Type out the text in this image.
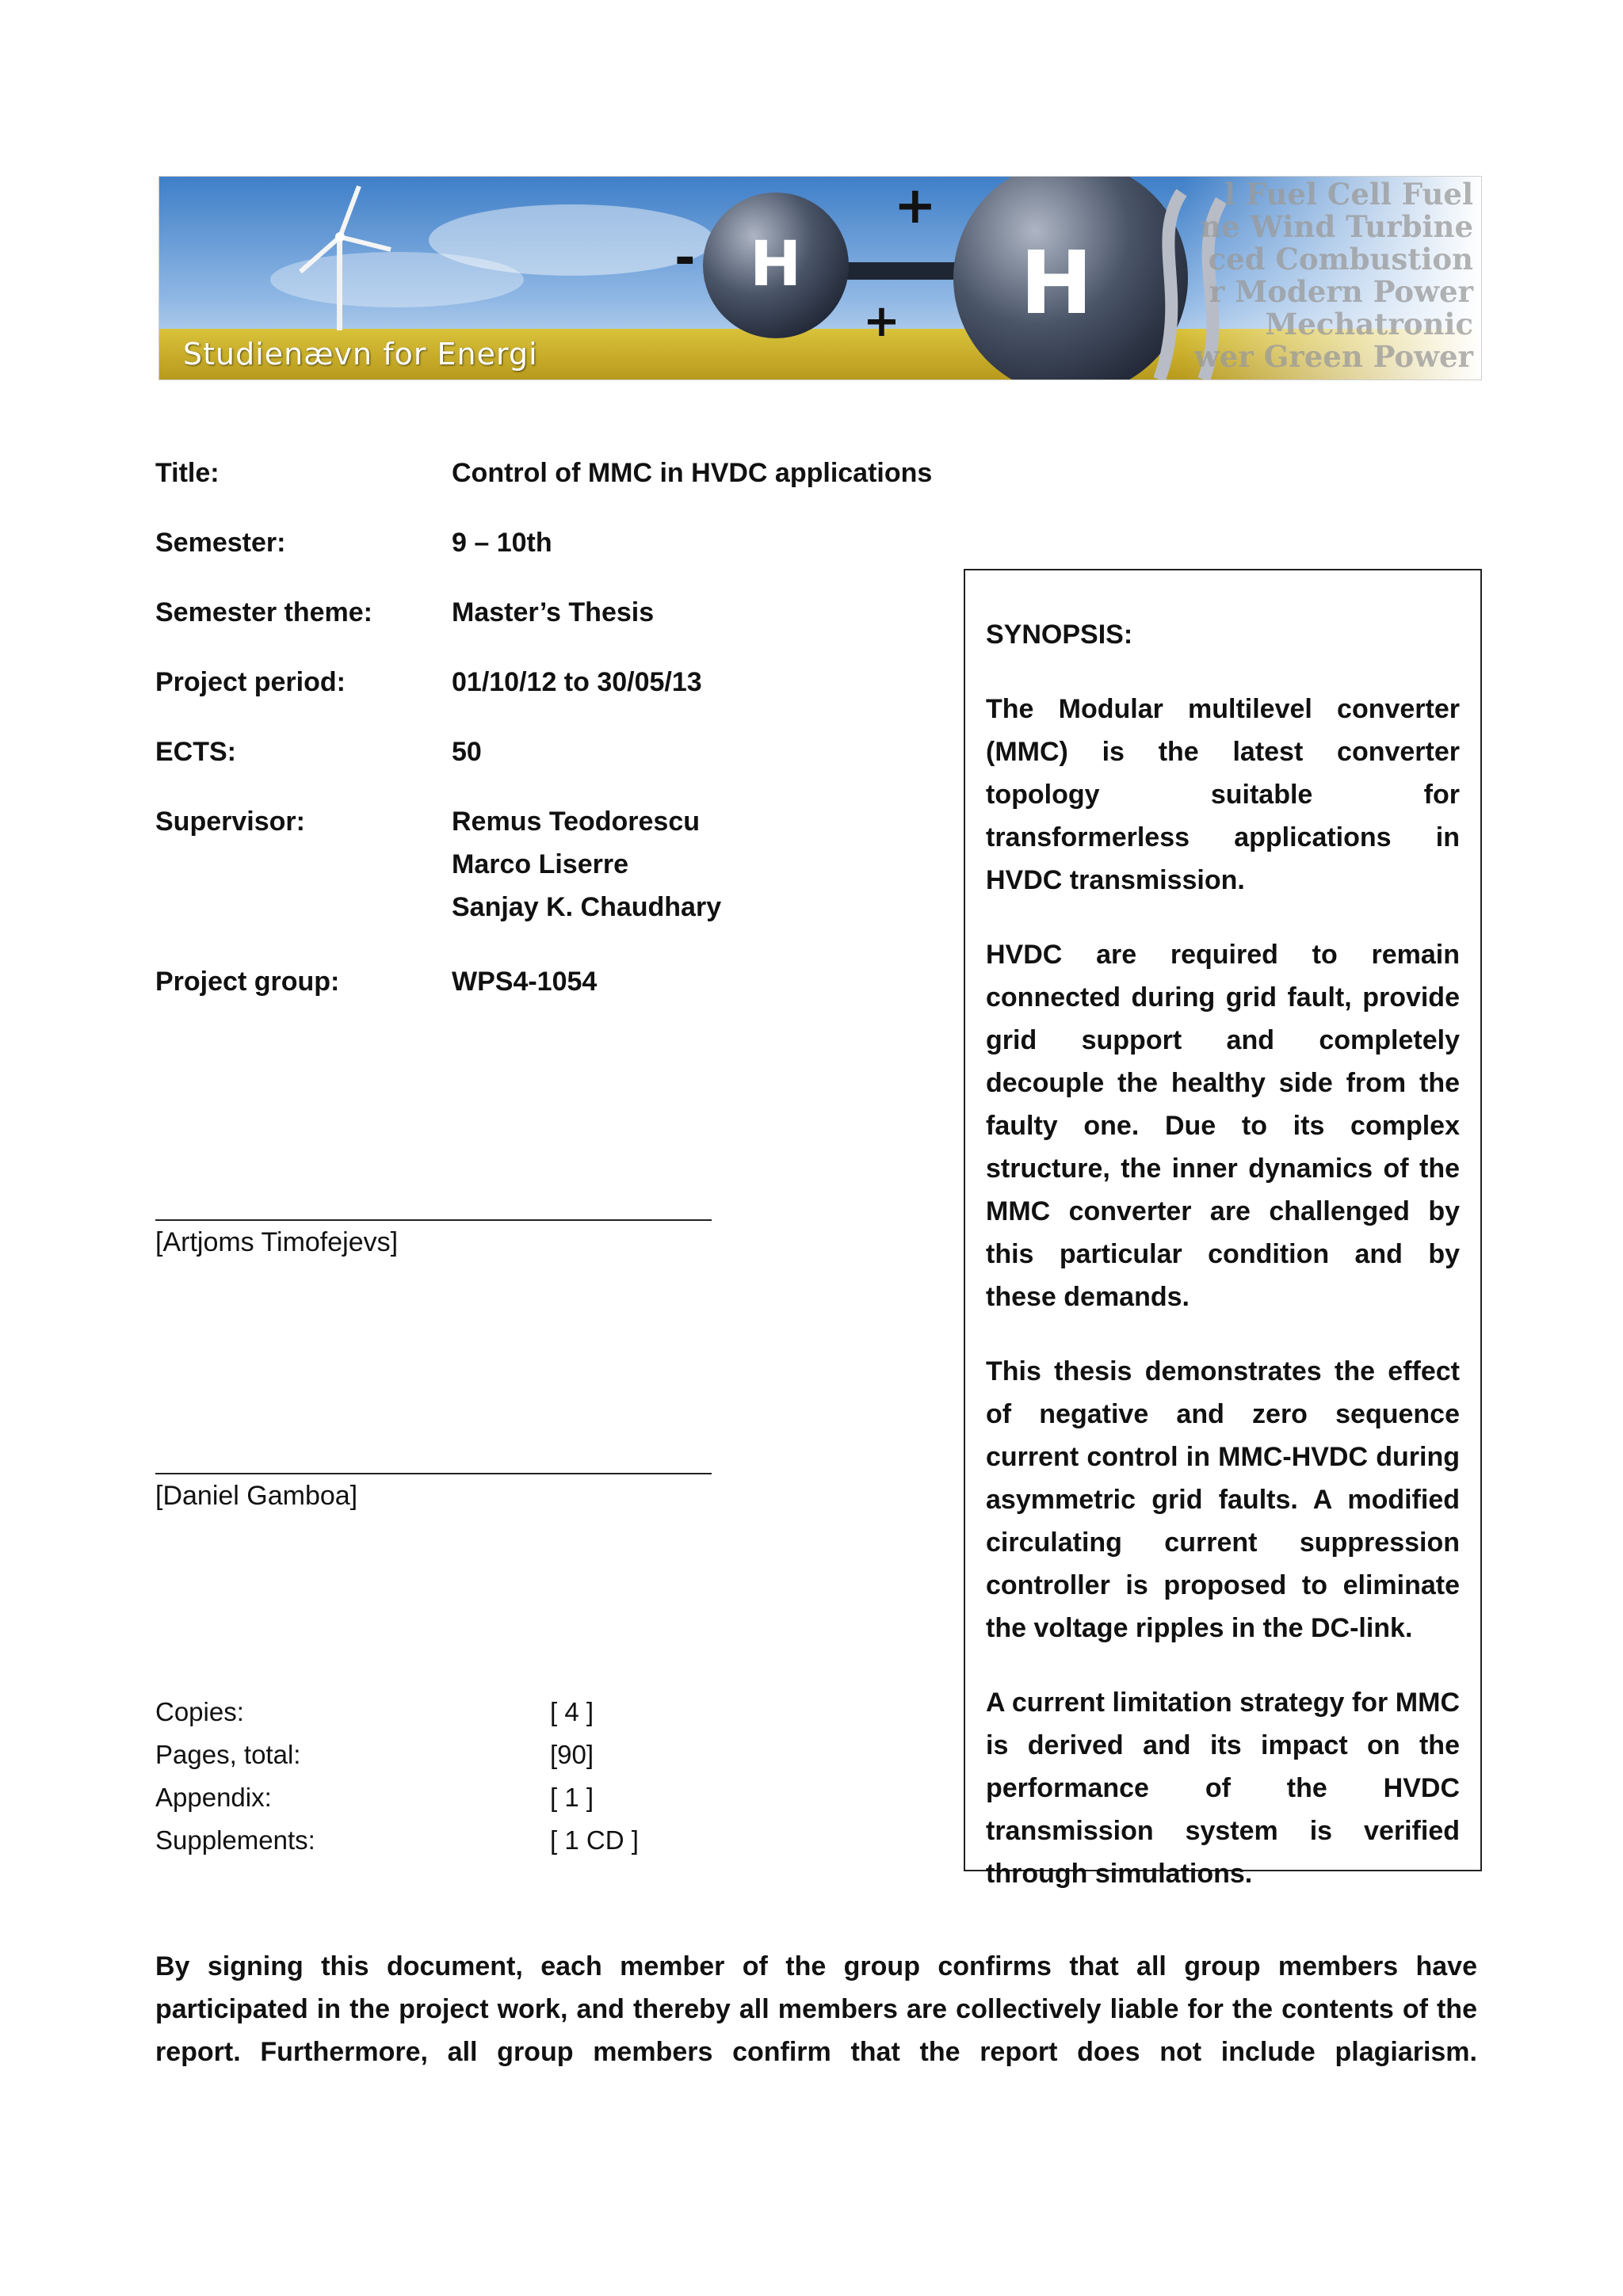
H	H
+
+
-
l Fuel Cell Fuel
ne Wind Turbine
ced Combustion
r Modern Power
Mechatronic
wer Green Power
Studienævn for Energi
Title:	Control of MMC in HVDC applications
Semester:	9 – 10th
Semester theme:	Master’s Thesis
Project period:	01/10/12 to 30/05/13
ECTS:	50
Supervisor:	Remus Teodorescu
Marco Liserre
Sanjay K. Chaudhary
Project group:	WPS4-1054
[Artjoms Timofejevs]
[Daniel Gamboa]
Copies:	[ 4 ]
Pages, total:	[90]
Appendix:	[ 1 ]
Supplements:	[ 1 CD ]

SYNOPSIS:

The Modular multilevel converter (MMC) is the latest converter topology suitable for transformerless applications in HVDC transmission.

HVDC are required to remain connected during grid fault, provide grid support and completely decouple the healthy side from the faulty one. Due to its complex structure, the inner dynamics of the MMC converter are challenged by this particular condition and by these demands.

This thesis demonstrates the effect of negative and zero sequence current control in MMC-HVDC during asymmetric grid faults. A modified circulating current suppression controller is proposed to eliminate the voltage ripples in the DC-link.

A current limitation strategy for MMC is derived and its impact on the performance of the HVDC transmission system is verified through simulations.

By signing this document, each member of the group confirms that all group members have participated in the project work, and thereby all members are collectively liable for the contents of the report. Furthermore, all group members confirm that the report does not include plagiarism.
